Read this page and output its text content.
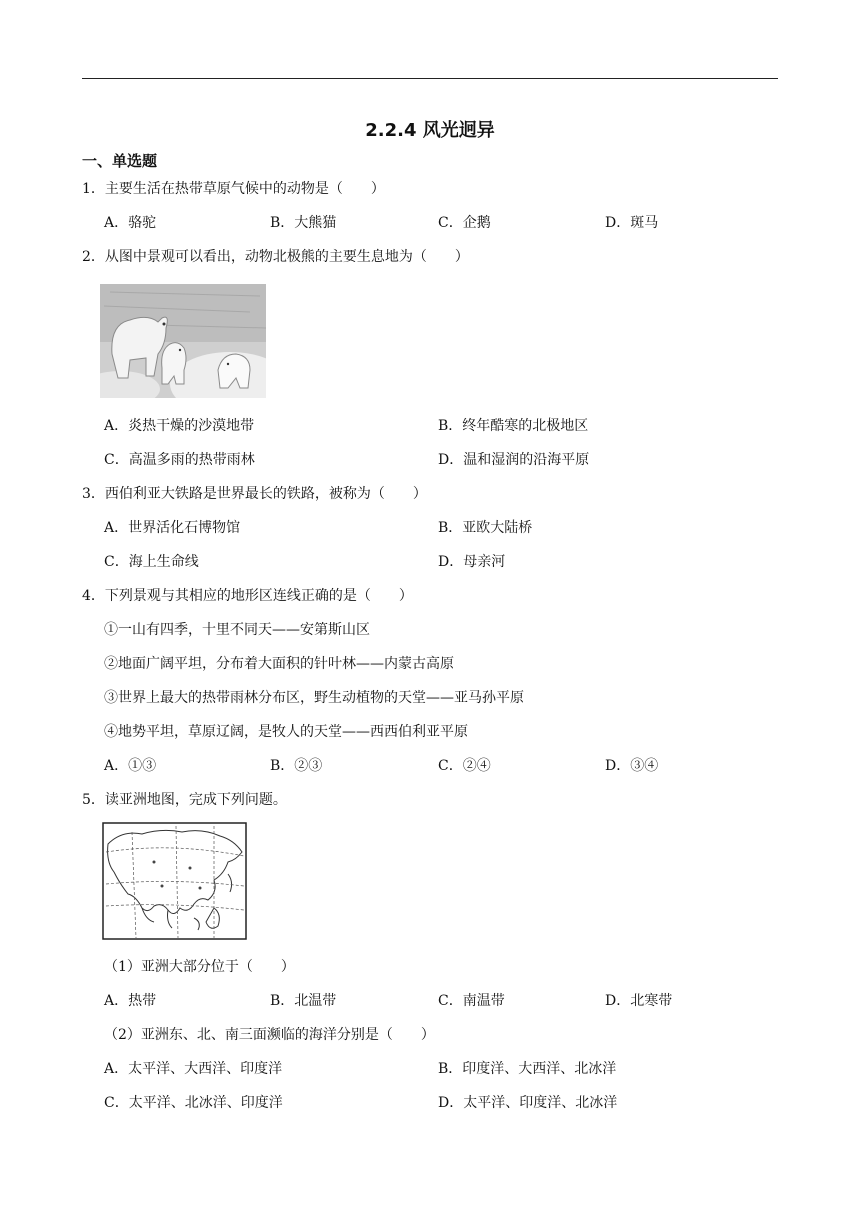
2.2.4 风光迥异
一、单选题
1．主要生活在热带草原气候中的动物是（　　）
A．骆驼	B．大熊猫	C．企鹅	D．斑马
2．从图中景观可以看出，动物北极熊的主要生息地为（　　）
A．炎热干燥的沙漠地带	B．终年酷寒的北极地区
C．高温多雨的热带雨林	D．温和湿润的沿海平原
3．西伯利亚大铁路是世界最长的铁路，被称为（　　）
A．世界活化石博物馆	B．亚欧大陆桥
C．海上生命线	D．母亲河
4．下列景观与其相应的地形区连线正确的是（　　）
①一山有四季，十里不同天——安第斯山区
②地面广阔平坦，分布着大面积的针叶林——内蒙古高原
③世界上最大的热带雨林分布区，野生动植物的天堂——亚马孙平原
④地势平坦，草原辽阔，是牧人的天堂——西西伯利亚平原
A．①③	B．②③	C．②④	D．③④
5．读亚洲地图，完成下列问题。
（1）亚洲大部分位于（　　）
A．热带	B．北温带	C．南温带	D．北寒带
（2）亚洲东、北、南三面濒临的海洋分别是（　　）
A．太平洋、大西洋、印度洋	B．印度洋、大西洋、北冰洋
C．太平洋、北冰洋、印度洋	D．太平洋、印度洋、北冰洋
